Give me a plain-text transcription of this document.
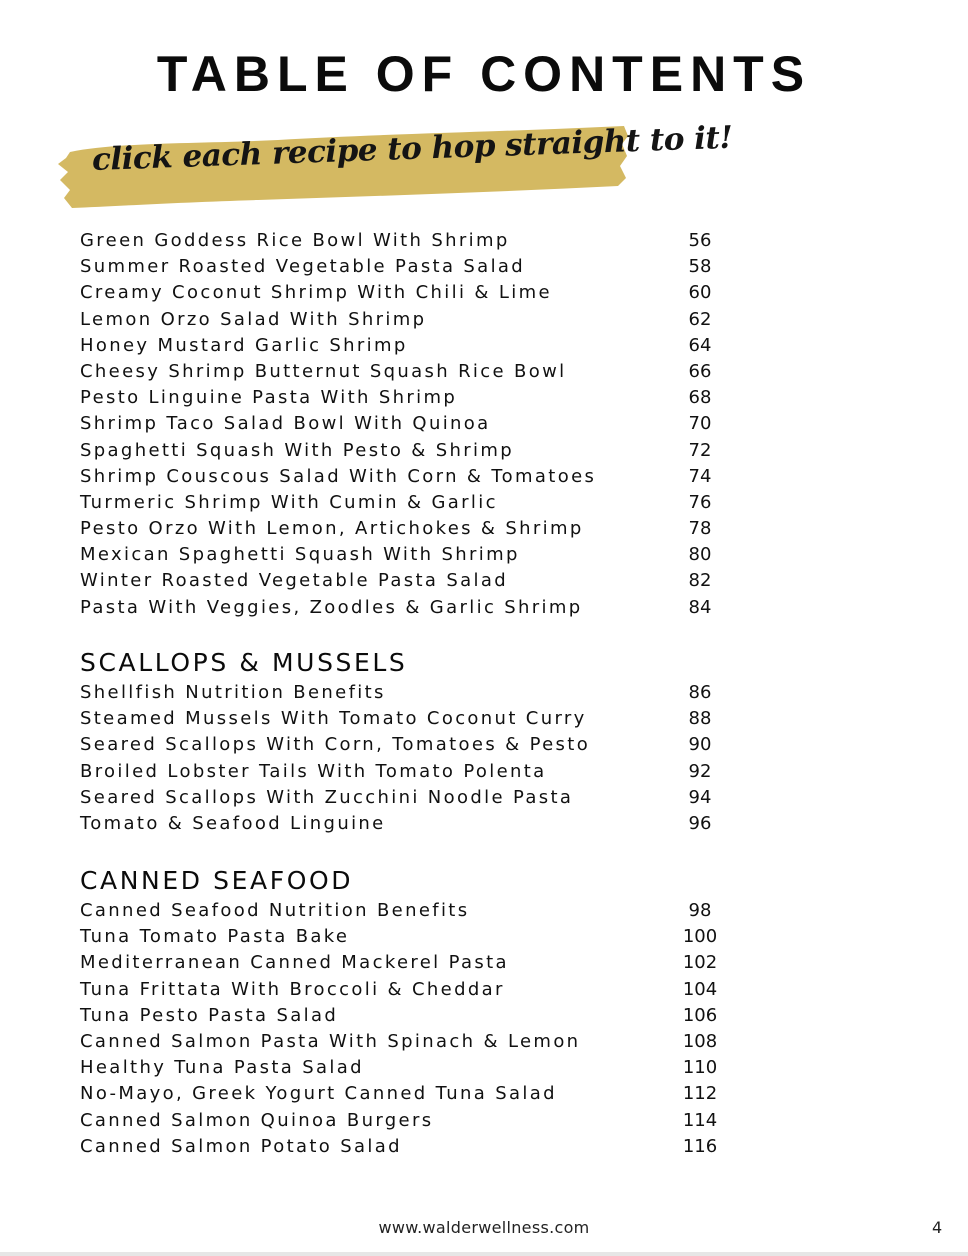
TABLE OF CONTENTS
click each recipe to hop straight to it!
Green Goddess Rice Bowl With Shrimp	56
Summer Roasted Vegetable Pasta Salad	58
Creamy Coconut Shrimp With Chili & Lime	60
Lemon Orzo Salad With Shrimp	62
Honey Mustard Garlic Shrimp	64
Cheesy Shrimp Butternut Squash Rice Bowl	66
Pesto Linguine Pasta With Shrimp	68
Shrimp Taco Salad Bowl With Quinoa	70
Spaghetti Squash With Pesto & Shrimp	72
Shrimp Couscous Salad With Corn & Tomatoes	74
Turmeric Shrimp With Cumin & Garlic	76
Pesto Orzo With Lemon, Artichokes & Shrimp	78
Mexican Spaghetti Squash With Shrimp	80
Winter Roasted Vegetable Pasta Salad	82
Pasta With Veggies, Zoodles & Garlic Shrimp	84
SCALLOPS & MUSSELS
Shellfish Nutrition Benefits	86
Steamed Mussels With Tomato Coconut Curry	88
Seared Scallops With Corn, Tomatoes & Pesto	90
Broiled Lobster Tails With Tomato Polenta	92
Seared Scallops With Zucchini Noodle Pasta	94
Tomato & Seafood Linguine	96
CANNED SEAFOOD
Canned Seafood Nutrition Benefits	98
Tuna Tomato Pasta Bake	100
Mediterranean Canned Mackerel Pasta	102
Tuna Frittata With Broccoli & Cheddar	104
Tuna Pesto Pasta Salad	106
Canned Salmon Pasta With Spinach & Lemon	108
Healthy Tuna Pasta Salad	110
No-Mayo, Greek Yogurt Canned Tuna Salad	112
Canned Salmon Quinoa Burgers	114
Canned Salmon Potato Salad	116
www.walderwellness.com	4
